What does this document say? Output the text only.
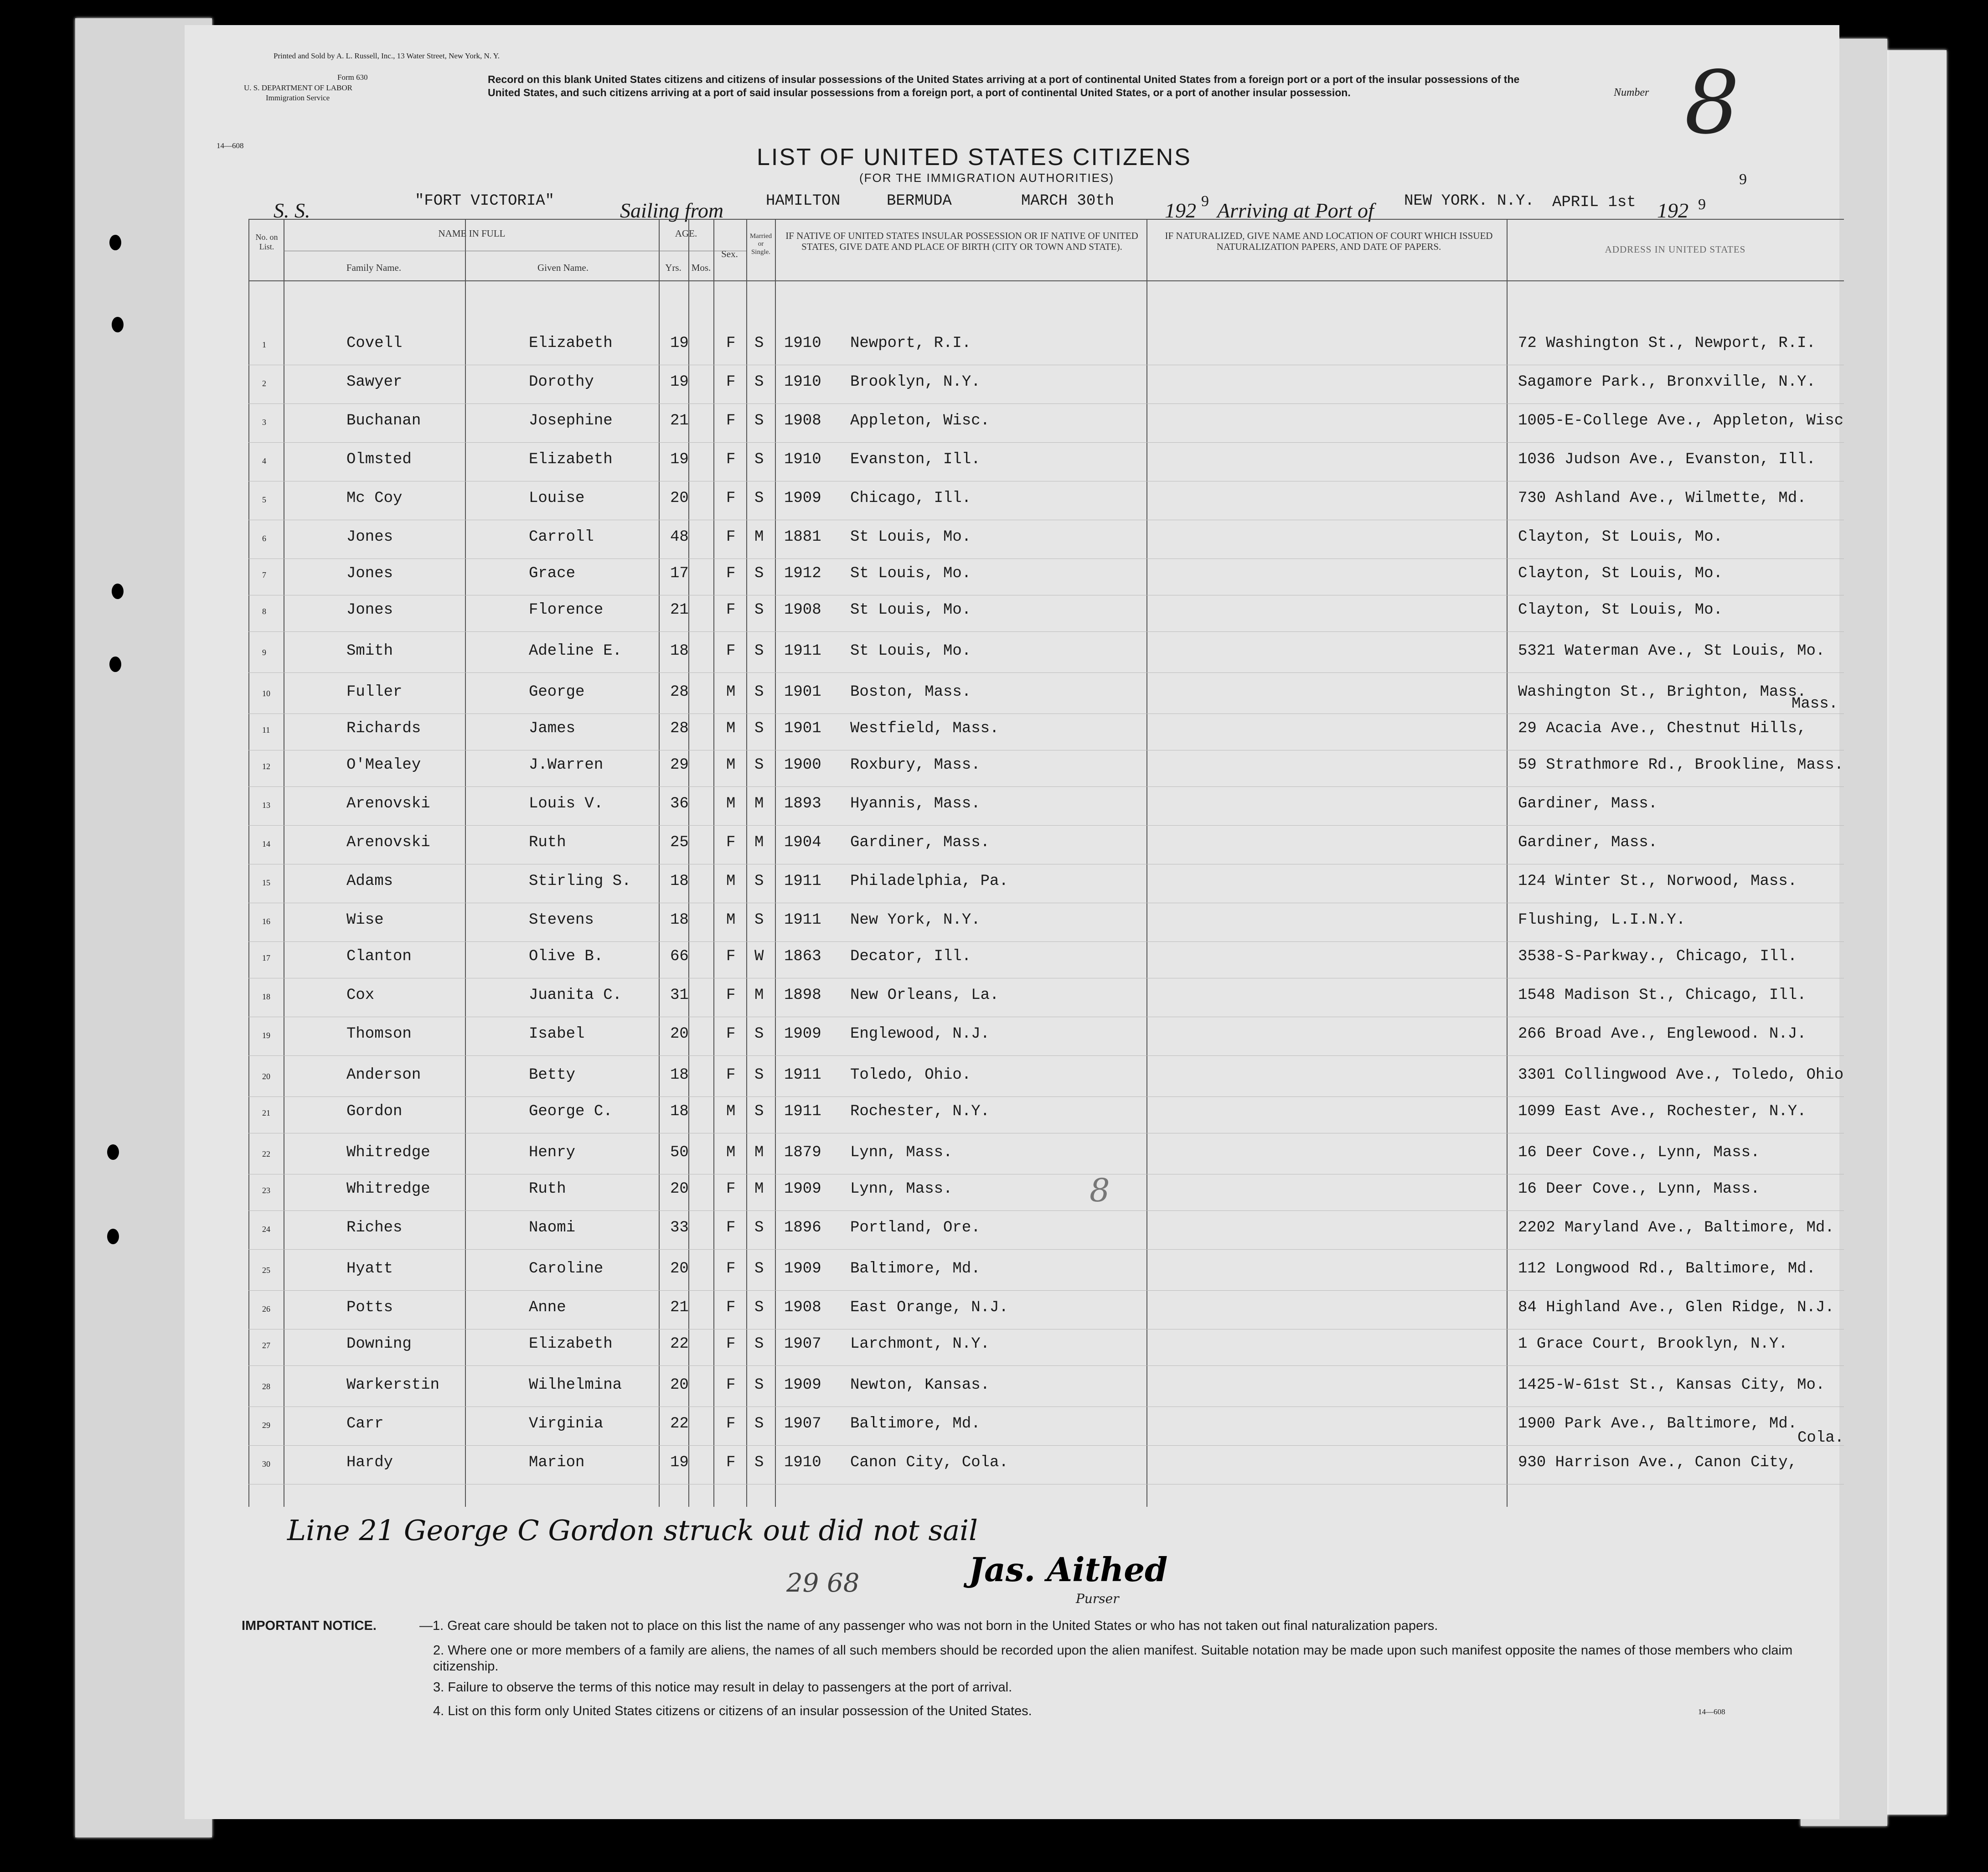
Printed and Sold by A. L. Russell, Inc., 13 Water Street, New York, N. Y.
Form 630
U. S. DEPARTMENT OF LABOR
Immigration Service
14—608
Record on this blank United States citizens and citizens of insular possessions of the United States arriving at a port of continental United States from a foreign port or a port of the insular possessions of the United States, and such citizens arriving at a port of said insular possessions from a foreign port, a port of continental United States, or a port of another insular possession.	Number 8
LIST OF UNITED STATES CITIZENS
(FOR THE IMMIGRATION AUTHORITIES)
S. S.	"FORT VICTORIA"	Sailing from	HAMILTON	BERMUDA	MARCH 30th 192 9 Arriving at Port of NEW YORK. N.Y. APRIL 1st 192 9
9
No. on List.
NAME IN FULL
Family Name.	Given Name.
AGE.
Yrs.	Mos.
Sex.
Married or Single.
IF NATIVE OF UNITED STATES INSULAR POSSESSION OR IF NATIVE OF UNITED STATES, GIVE DATE AND PLACE OF BIRTH (CITY OR TOWN AND STATE).
IF NATURALIZED, GIVE NAME AND LOCATION OF COURT WHICH ISSUED NATURALIZATION PAPERS, AND DATE OF PAPERS.	ADDRESS IN UNITED STATES
1	Covell	Elizabeth	19 F S 1910 Newport, R.I.	72 Washington St., Newport, R.I.
2	Sawyer	Dorothy	19 F S 1910 Brooklyn, N.Y.	Sagamore Park., Bronxville, N.Y.
3	Buchanan	Josephine	21 F S 1908 Appleton, Wisc.	1005-E-College Ave., Appleton, Wisc
4	Olmsted	Elizabeth	19 F S 1910 Evanston, Ill.	1036 Judson Ave., Evanston, Ill.
5	Mc Coy	Louise	20 F S 1909 Chicago, Ill.	730 Ashland Ave., Wilmette, Md.
6	Jones	Carroll	48 F M 1881 St Louis, Mo.	Clayton, St Louis, Mo.
7	Jones	Grace	17 F S 1912 St Louis, Mo.	Clayton, St Louis, Mo.
8	Jones	Florence	21 F S 1908 St Louis, Mo.	Clayton, St Louis, Mo.
9	Smith	Adeline E.	18 F S 1911 St Louis, Mo.	5321 Waterman Ave., St Louis, Mo.
10	Fuller	George	28 M S 1901 Boston, Mass.	Washington St., Brighton, Mass.
11	Richards	James	28 M S 1901 Westfield, Mass.	29 Acacia Ave., Chestnut Hills,
12	O'Mealey	J.Warren	29 M S 1900 Roxbury, Mass.	59 Strathmore Rd., Brookline, Mass.
13	Arenovski	Louis V.	36 M M 1893 Hyannis, Mass.	Gardiner, Mass.
14	Arenovski	Ruth	25 F M 1904 Gardiner, Mass.	Gardiner, Mass.
15	Adams	Stirling S.	18 M S 1911 Philadelphia, Pa.	124 Winter St., Norwood, Mass.
16	Wise	Stevens	18 M S 1911 New York, N.Y.	Flushing, L.I.N.Y.
17	Clanton	Olive B.	66 F W 1863 Decator, Ill.	3538-S-Parkway., Chicago, Ill.
18	Cox	Juanita C.	31 F M 1898 New Orleans, La.	1548 Madison St., Chicago, Ill.
19	Thomson	Isabel	20 F S 1909 Englewood, N.J.	266 Broad Ave., Englewood. N.J.
20	Anderson	Betty	18 F S 1911 Toledo, Ohio.	3301 Collingwood Ave., Toledo, Ohio
21	Gordon	George C.	18 M S 1911 Rochester, N.Y.	1099 East Ave., Rochester, N.Y.
22	Whitredge	Henry	50 M M 1879 Lynn, Mass.	16 Deer Cove., Lynn, Mass.
23	Whitredge	Ruth	20 F M 1909 Lynn, Mass.	16 Deer Cove., Lynn, Mass.
24	Riches	Naomi	33 F S 1896 Portland, Ore.	2202 Maryland Ave., Baltimore, Md.
25	Hyatt	Caroline	20 F S 1909 Baltimore, Md.	112 Longwood Rd., Baltimore, Md.
26	Potts	Anne	21 F S 1908 East Orange, N.J.	84 Highland Ave., Glen Ridge, N.J.
27	Downing	Elizabeth	22 F S 1907 Larchmont, N.Y.	1 Grace Court, Brooklyn, N.Y.
28	Warkerstin	Wilhelmina	20 F S 1909 Newton, Kansas.	1425-W-61st St., Kansas City, Mo.
29	Carr	Virginia	22 F S 1907 Baltimore, Md.	1900 Park Ave., Baltimore, Md.
30	Hardy	Marion	19 F S 1910 Canon City, Cola.	930 Harrison Ave., Canon City,
Mass.
Cola.
8
Line 21 George C Gordon struck out did not sail
29 68	Jas. Aithed
Purser
IMPORTANT NOTICE.	—1. Great care should be taken not to place on this list the name of any passenger who was not born in the United States or who has not taken out final naturalization papers.
2. Where one or more members of a family are aliens, the names of all such members should be recorded upon the alien manifest. Suitable notation may be made upon such manifest opposite the names of those members who claim citizenship.
3. Failure to observe the terms of this notice may result in delay to passengers at the port of arrival.
4. List on this form only United States citizens or citizens of an insular possession of the United States.	14—608
